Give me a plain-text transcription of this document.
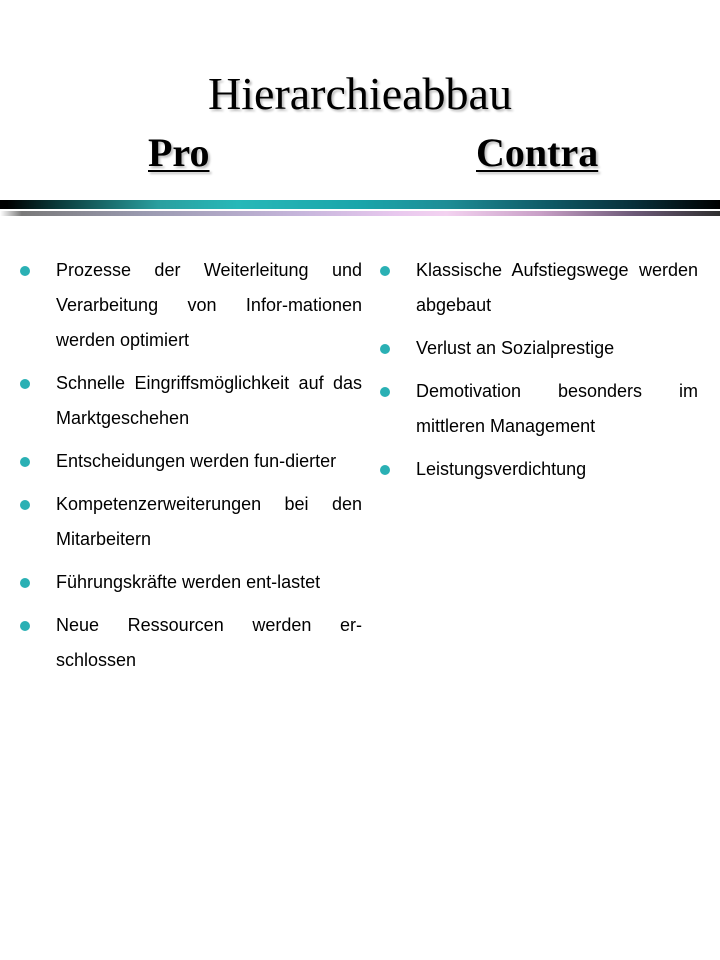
Hierarchieabbau
Pro	Contra
Prozesse der Weiterleitung und Verarbeitung von Infor-mationen werden optimiert
Schnelle Eingriffsmöglichkeit auf das Marktgeschehen
Entscheidungen werden fun-dierter
Kompetenzerweiterungen bei den Mitarbeitern
Führungskräfte werden ent-lastet
Neue Ressourcen werden er-schlossen
Klassische Aufstiegswege werden abgebaut
Verlust an Sozialprestige
Demotivation besonders im mittleren Management
Leistungsverdichtung
